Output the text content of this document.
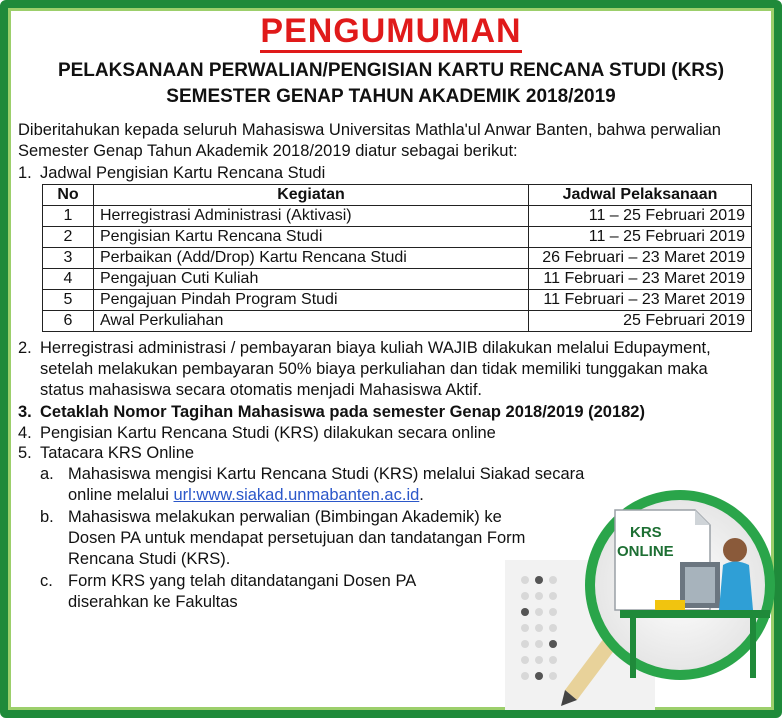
PENGUMUMAN
PELAKSANAAN PERWALIAN/PENGISIAN KARTU RENCANA STUDI (KRS)
SEMESTER GENAP TAHUN AKADEMIK 2018/2019
Diberitahukan kepada seluruh Mahasiswa Universitas Mathla'ul Anwar Banten, bahwa perwalian
Semester Genap Tahun Akademik 2018/2019 diatur sebagai berikut:
1. Jadwal Pengisian Kartu Rencana Studi
No	Kegiatan	Jadwal Pelaksanaan
1	Herregistrasi Administrasi (Aktivasi)	11 – 25 Februari 2019
2	Pengisian Kartu Rencana Studi	11 – 25 Februari 2019
3	Perbaikan (Add/Drop) Kartu Rencana Studi	26 Februari – 23 Maret 2019
4	Pengajuan Cuti Kuliah	11 Februari – 23 Maret 2019
5	Pengajuan Pindah Program Studi	11 Februari – 23 Maret 2019
6	Awal Perkuliahan	25 Februari 2019
2. Herregistrasi administrasi / pembayaran biaya kuliah WAJIB dilakukan melalui Edupayment,
setelah melakukan pembayaran 50% biaya perkuliahan dan tidak memiliki tunggakan maka
status mahasiswa secara otomatis menjadi Mahasiswa Aktif.
3. Cetaklah Nomor Tagihan Mahasiswa pada semester Genap 2018/2019 (20182)
4. Pengisian Kartu Rencana Studi (KRS) dilakukan secara online
5. Tatacara KRS Online
a. Mahasiswa mengisi Kartu Rencana Studi (KRS) melalui Siakad secara
online melalui url:www.siakad.unmabanten.ac.id.
b. Mahasiswa melakukan perwalian (Bimbingan Akademik) ke
Dosen PA untuk mendapat persetujuan dan tandatangan Form
Rencana Studi (KRS).
c. Form KRS yang telah ditandatangani Dosen PA
diserahkan ke Fakultas
KRS
ONLINE
